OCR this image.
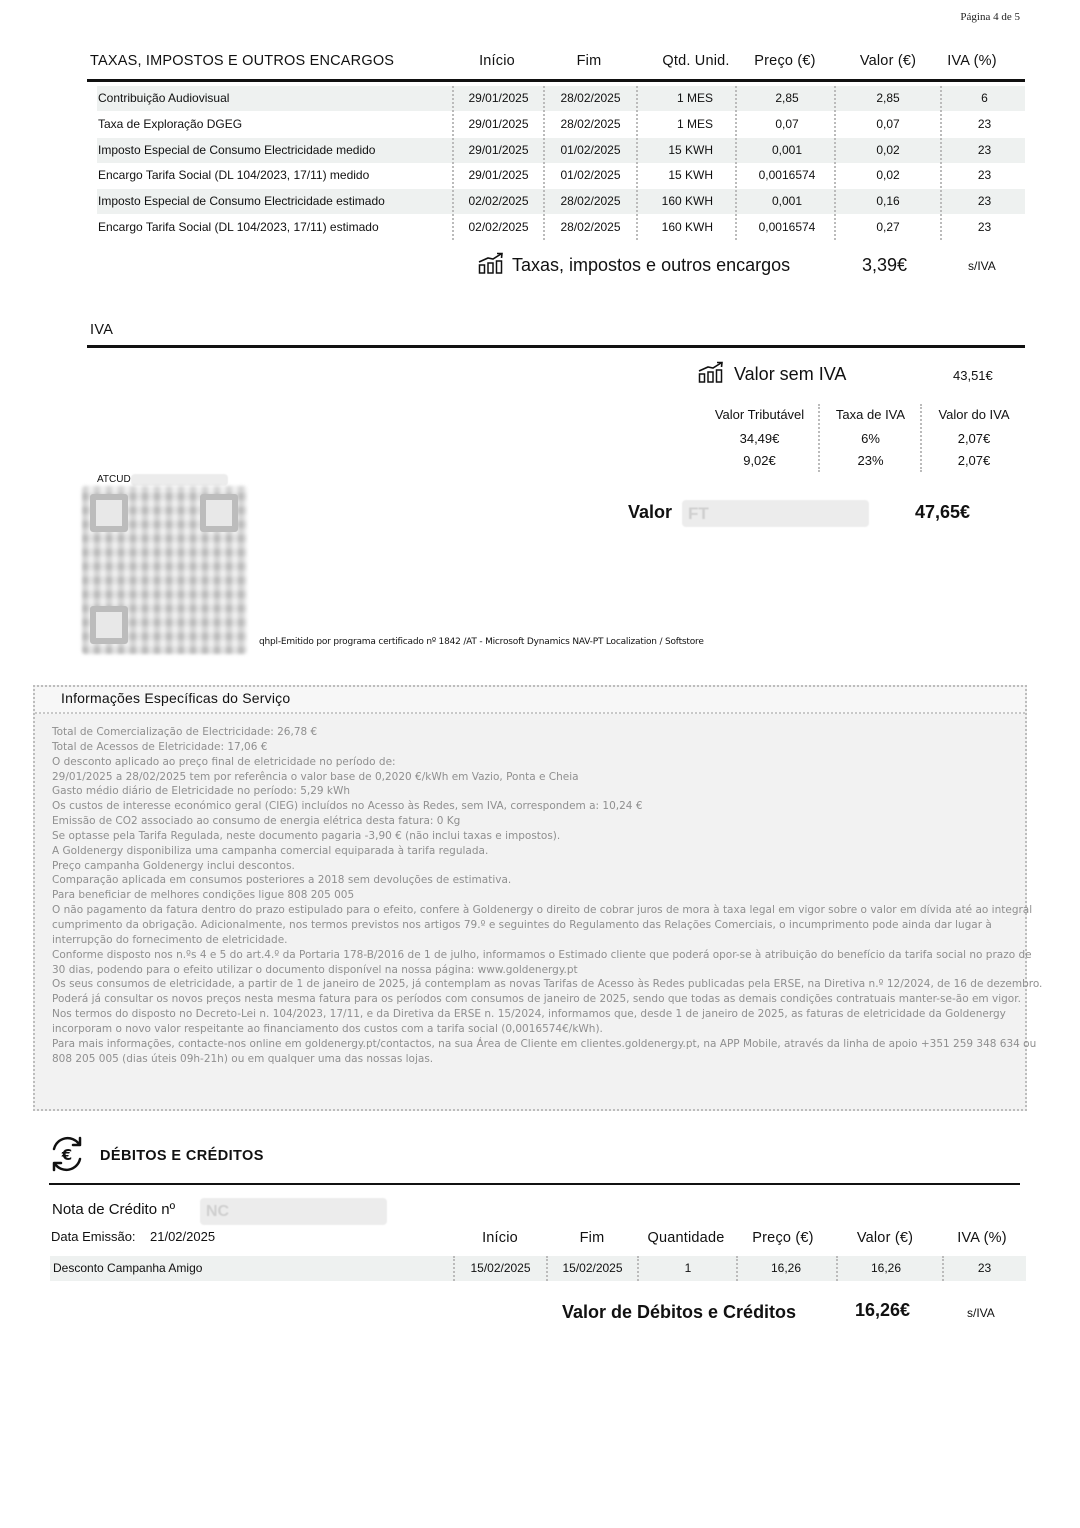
Página 4 de 5
TAXAS, IMPOSTOS E OUTROS ENCARGOS	Início	Fim	Qtd. Unid.	Preço (€)	Valor (€)	IVA (%)
Contribuição Audiovisual	29/01/2025	28/02/2025	1 MES	2,85	2,85	6
Taxa de Exploração DGEG	29/01/2025	28/02/2025	1 MES	0,07	0,07	23
Imposto Especial de Consumo Electricidade medido	29/01/2025	01/02/2025	15 KWH	0,001	0,02	23
Encargo Tarifa Social (DL 104/2023, 17/11) medido	29/01/2025	01/02/2025	15 KWH	0,0016574	0,02	23
Imposto Especial de Consumo Electricidade estimado	02/02/2025	28/02/2025	160 KWH	0,001	0,16	23
Encargo Tarifa Social (DL 104/2023, 17/11) estimado	02/02/2025	28/02/2025	160 KWH	0,0016574	0,27	23
Taxas, impostos e outros encargos	3,39€	s/IVA
IVA
Valor sem IVA	43,51€
Valor Tributável	Taxa de IVA	Valor do IVA
34,49€	6%	2,07€
9,02€	23%	2,07€
ATCUD
Valor FT	47,65€
qhpl-Emitido por programa certificado nº 1842 /AT - Microsoft Dynamics NAV-PT Localization / Softstore
Informações Específicas do Serviço
Total de Comercialização de Electricidade: 26,78 €
Total de Acessos de Eletricidade: 17,06 €
O desconto aplicado ao preço final de eletricidade no período de:
29/01/2025 a 28/02/2025 tem por referência o valor base de 0,2020 €/kWh em Vazio, Ponta e Cheia
Gasto médio diário de Eletricidade no período: 5,29 kWh
Os custos de interesse económico geral (CIEG) incluídos no Acesso às Redes, sem IVA, correspondem a: 10,24 €
Emissão de CO2 associado ao consumo de energia elétrica desta fatura: 0 Kg
Se optasse pela Tarifa Regulada, neste documento pagaria -3,90 € (não inclui taxas e impostos).
A Goldenergy disponibiliza uma campanha comercial equiparada à tarifa regulada.
Preço campanha Goldenergy inclui descontos.
Comparação aplicada em consumos posteriores a 2018 sem devoluções de estimativa.
Para beneficiar de melhores condições ligue 808 205 005
O não pagamento da fatura dentro do prazo estipulado para o efeito, confere à Goldenergy o direito de cobrar juros de mora à taxa legal em vigor sobre o valor em dívida até ao integral
cumprimento da obrigação. Adicionalmente, nos termos previstos nos artigos 79.º e seguintes do Regulamento das Relações Comerciais, o incumprimento pode ainda dar lugar à
interrupção do fornecimento de eletricidade.
Conforme disposto nos n.ºs 4 e 5 do art.4.º da Portaria 178-B/2016 de 1 de julho, informamos o Estimado cliente que poderá opor-se à atribuição do benefício da tarifa social no prazo de
30 dias, podendo para o efeito utilizar o documento disponível na nossa página: www.goldenergy.pt
Os seus consumos de eletricidade, a partir de 1 de janeiro de 2025, já contemplam as novas Tarifas de Acesso às Redes publicadas pela ERSE, na Diretiva n.º 12/2024, de 16 de dezembro.
Poderá já consultar os novos preços nesta mesma fatura para os períodos com consumos de janeiro de 2025, sendo que todas as demais condições contratuais manter-se-ão em vigor.
Nos termos do disposto no Decreto-Lei n. 104/2023, 17/11, e da Diretiva da ERSE n. 15/2024, informamos que, desde 1 de janeiro de 2025, as faturas de eletricidade da Goldenergy
incorporam o novo valor respeitante ao financiamento dos custos com a tarifa social (0,0016574€/kWh).
Para mais informações, contacte-nos online em goldenergy.pt/contactos, na sua Área de Cliente em clientes.goldenergy.pt, na APP Mobile, através da linha de apoio +351 259 348 634 ou
808 205 005 (dias úteis 09h-21h) ou em qualquer uma das nossas lojas.
€ DÉBITOS E CRÉDITOS
Nota de Crédito nº	NC
Data Emissão: 21/02/2025	Início	Fim	Quantidade	Preço (€)	Valor (€)	IVA (%)
Desconto Campanha Amigo	15/02/2025	15/02/2025	1	16,26	16,26	23
Valor de Débitos e Créditos	16,26€	s/IVA
